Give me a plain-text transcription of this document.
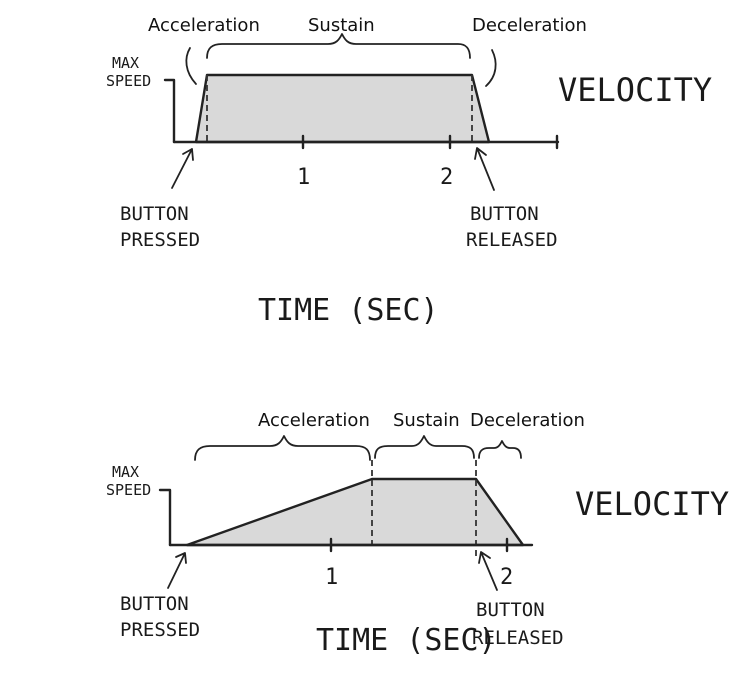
Acceleration	Sustain	Deceleration
MAX
SPEED
1	2
VELOCITY
BUTTON
PRESSED
BUTTON
RELEASED
TIME (SEC)
Acceleration Sustain Deceleration
MAX
SPEED
1	2
VELOCITY
BUTTON
PRESSED
BUTTON
RELEASED
TIME (SEC)
